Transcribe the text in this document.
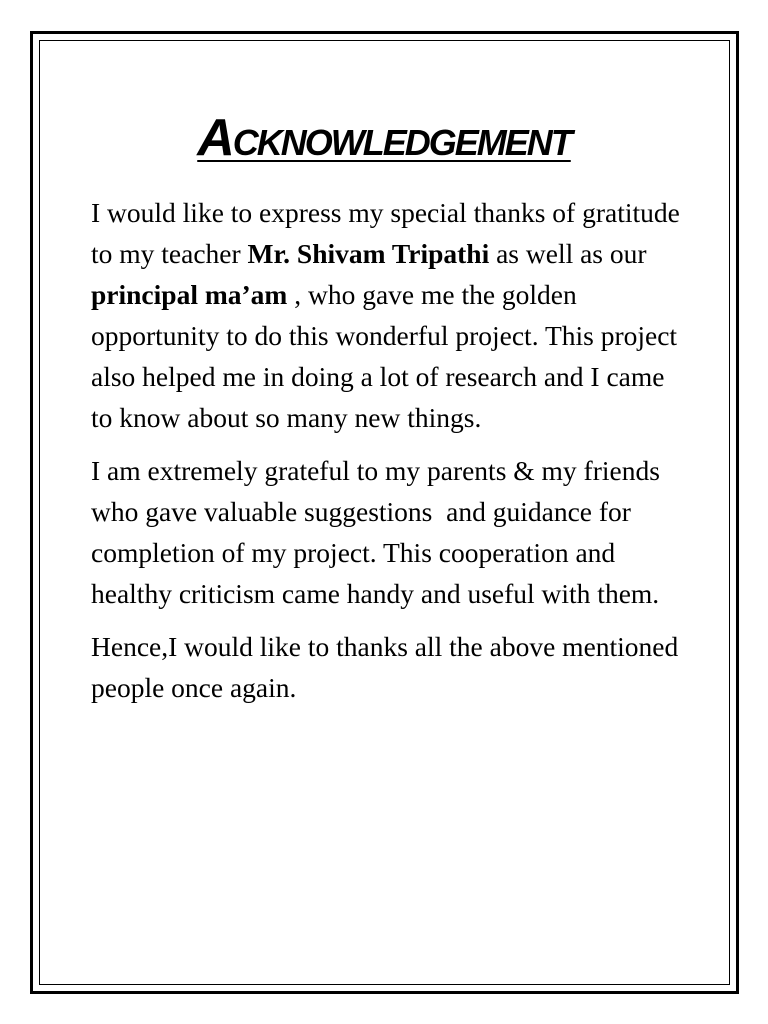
Acknowledgement

I would like to express my special thanks of gratitude to my teacher Mr. Shivam Tripathi as well as our principal ma’am , who gave me the golden opportunity to do this wonderful project. This project also helped me in doing a lot of research and I came to know about so many new things.

I am extremely grateful to my parents & my friends who gave valuable suggestions  and guidance for completion of my project. This cooperation and healthy criticism came handy and useful with them.

Hence,I would like to thanks all the above mentioned people once again.
